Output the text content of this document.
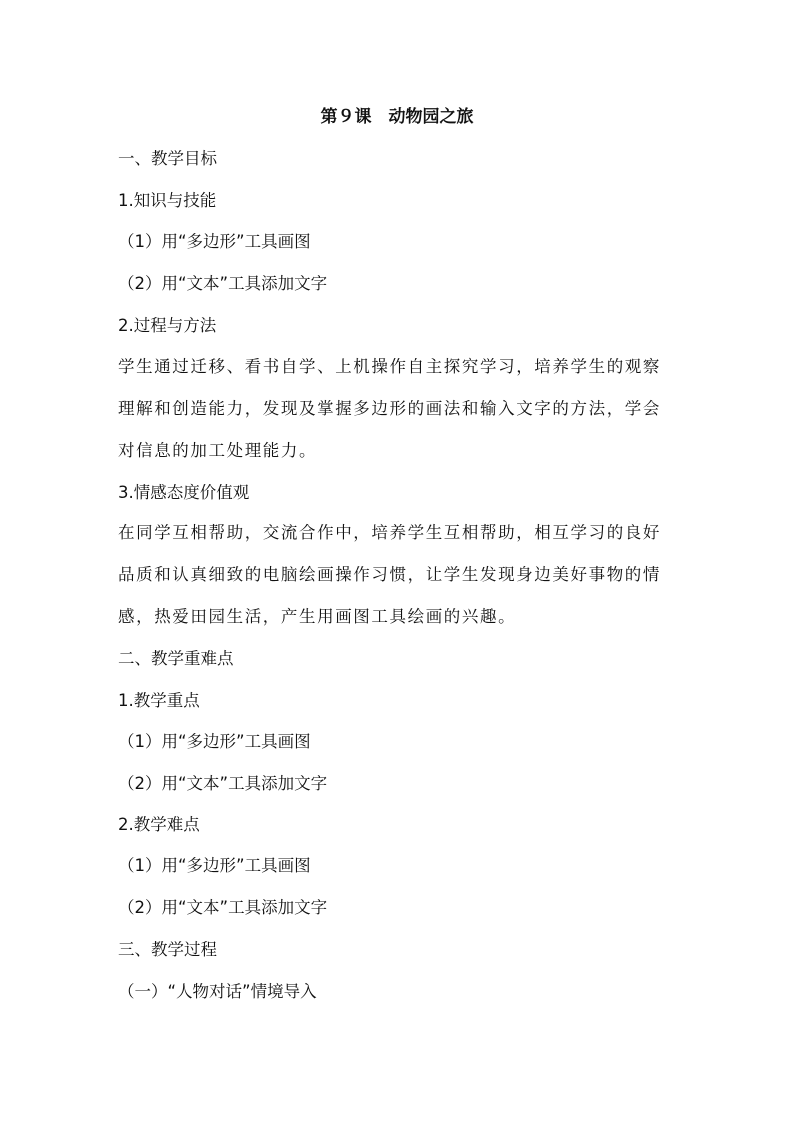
第９课　动物园之旅
一、教学目标
1.知识与技能
（1）用“多边形”工具画图
（2）用“文本”工具添加文字
2.过程与方法

学生通过迁移、看书自学、上机操作自主探究学习，培养学生的观察理解和创造能力，发现及掌握多边形的画法和输入文字的方法，学会对信息的加工处理能力。

3.情感态度价值观

在同学互相帮助，交流合作中，培养学生互相帮助，相互学习的良好品质和认真细致的电脑绘画操作习惯，让学生发现身边美好事物的情感，热爱田园生活，产生用画图工具绘画的兴趣。

二、教学重难点
1.教学重点
（1）用“多边形”工具画图
（2）用“文本”工具添加文字
2.教学难点
（1）用“多边形”工具画图
（2）用“文本”工具添加文字
三、教学过程
（一）“人物对话”情境导入
